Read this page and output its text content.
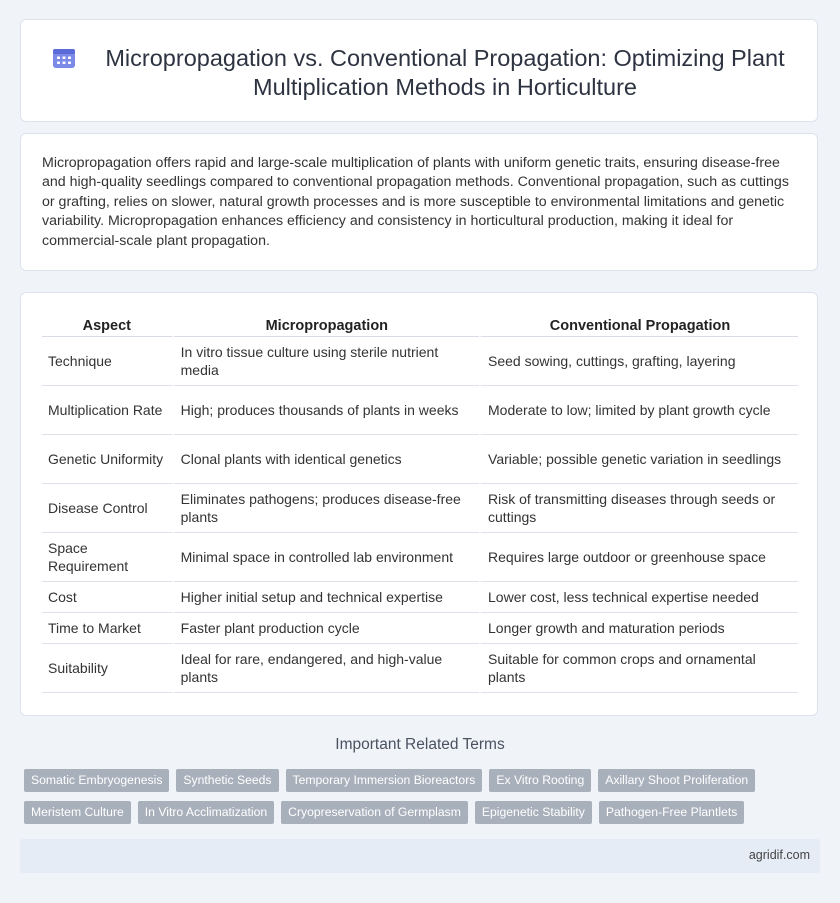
Micropropagation vs. Conventional Propagation: Optimizing Plant Multiplication Methods in Horticulture

Micropropagation offers rapid and large-scale multiplication of plants with uniform genetic traits, ensuring disease-free and high-quality seedlings compared to conventional propagation methods. Conventional propagation, such as cuttings or grafting, relies on slower, natural growth processes and is more susceptible to environmental limitations and genetic variability. Micropropagation enhances efficiency and consistency in horticultural production, making it ideal for commercial-scale plant propagation.

Aspect	Micropropagation	Conventional Propagation
Technique	In vitro tissue culture using sterile nutrient media	Seed sowing, cuttings, grafting, layering
Multiplication Rate	High; produces thousands of plants in weeks	Moderate to low; limited by plant growth cycle
Genetic Uniformity	Clonal plants with identical genetics	Variable; possible genetic variation in seedlings
Disease Control	Eliminates pathogens; produces disease-free plants	Risk of transmitting diseases through seeds or cuttings
Space Requirement	Minimal space in controlled lab environment	Requires large outdoor or greenhouse space
Cost	Higher initial setup and technical expertise	Lower cost, less technical expertise needed
Time to Market	Faster plant production cycle	Longer growth and maturation periods
Suitability	Ideal for rare, endangered, and high-value plants	Suitable for common crops and ornamental plants
Important Related Terms
Somatic Embryogenesis Synthetic Seeds Temporary Immersion Bioreactors Ex Vitro Rooting Axillary Shoot Proliferation
Meristem Culture In Vitro Acclimatization Cryopreservation of Germplasm Epigenetic Stability Pathogen-Free Plantlets
agridif.com
